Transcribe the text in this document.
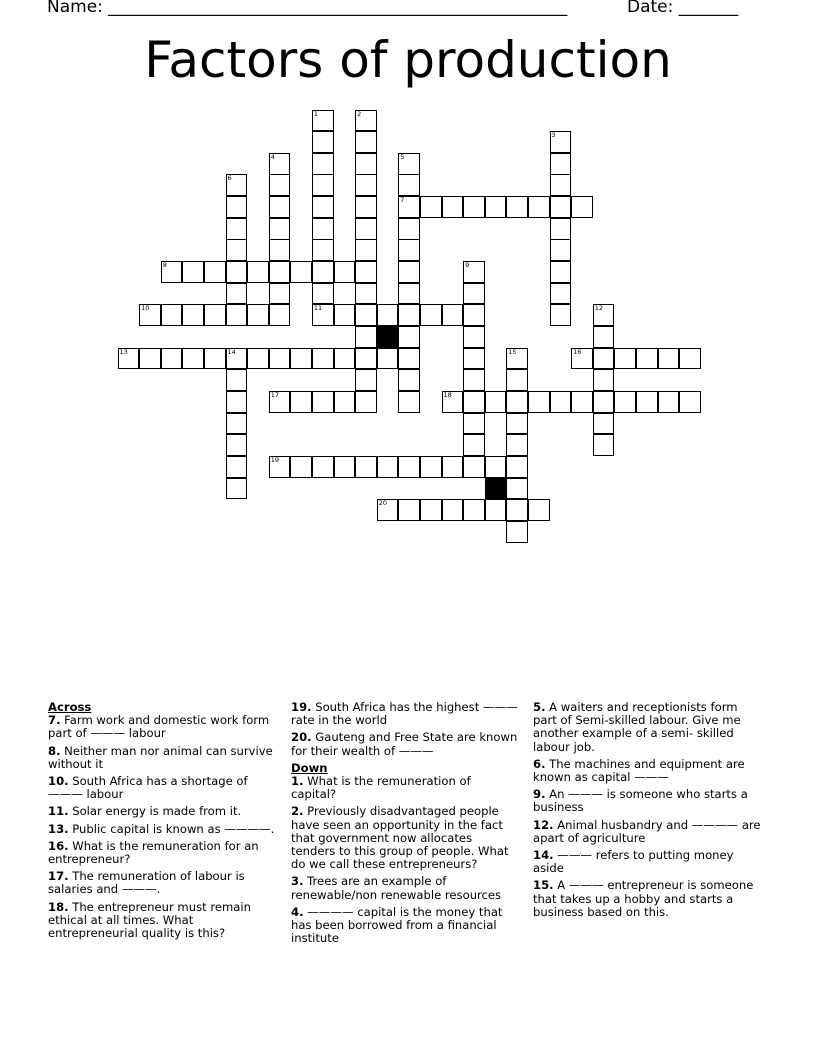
Name: ______________________________________________________	Date: _______
Factors of production
1	2
3
4	5
6
7
8	9
10	11	12
13	14	15	16
17	18
19
20

Across

7. Farm work and domestic work form part of ——— labour

8. Neither man nor animal can survive without it

10. South Africa has a shortage of ——— labour

11. Solar energy is made from it.

13. Public capital is known as ————.

16. What is the remuneration for an entrepreneur?

17. The remuneration of labour is salaries and ———.

18. The entrepreneur must remain ethical at all times. What entrepreneurial quality is this?

19. South Africa has the highest ——— rate in the world

20. Gauteng and Free State are known for their wealth of ———

Down

1. What is the remuneration of capital?

2. Previously disadvantaged people have seen an opportunity in the fact that government now allocates tenders to this group of people. What do we call these entrepreneurs?

3. Trees are an example of renewable/non renewable resources

4. ———— capital is the money that has been borrowed from a financial institute

5. A waiters and receptionists form part of Semi-skilled labour. Give me another example of a semi- skilled labour job.

6. The machines and equipment are known as capital ———

9. An ——— is someone who starts a business

12. Animal husbandry and ———— are apart of agriculture

14. ——— refers to putting money aside

15. A ——— entrepreneur is someone that takes up a hobby and starts a business based on this.
